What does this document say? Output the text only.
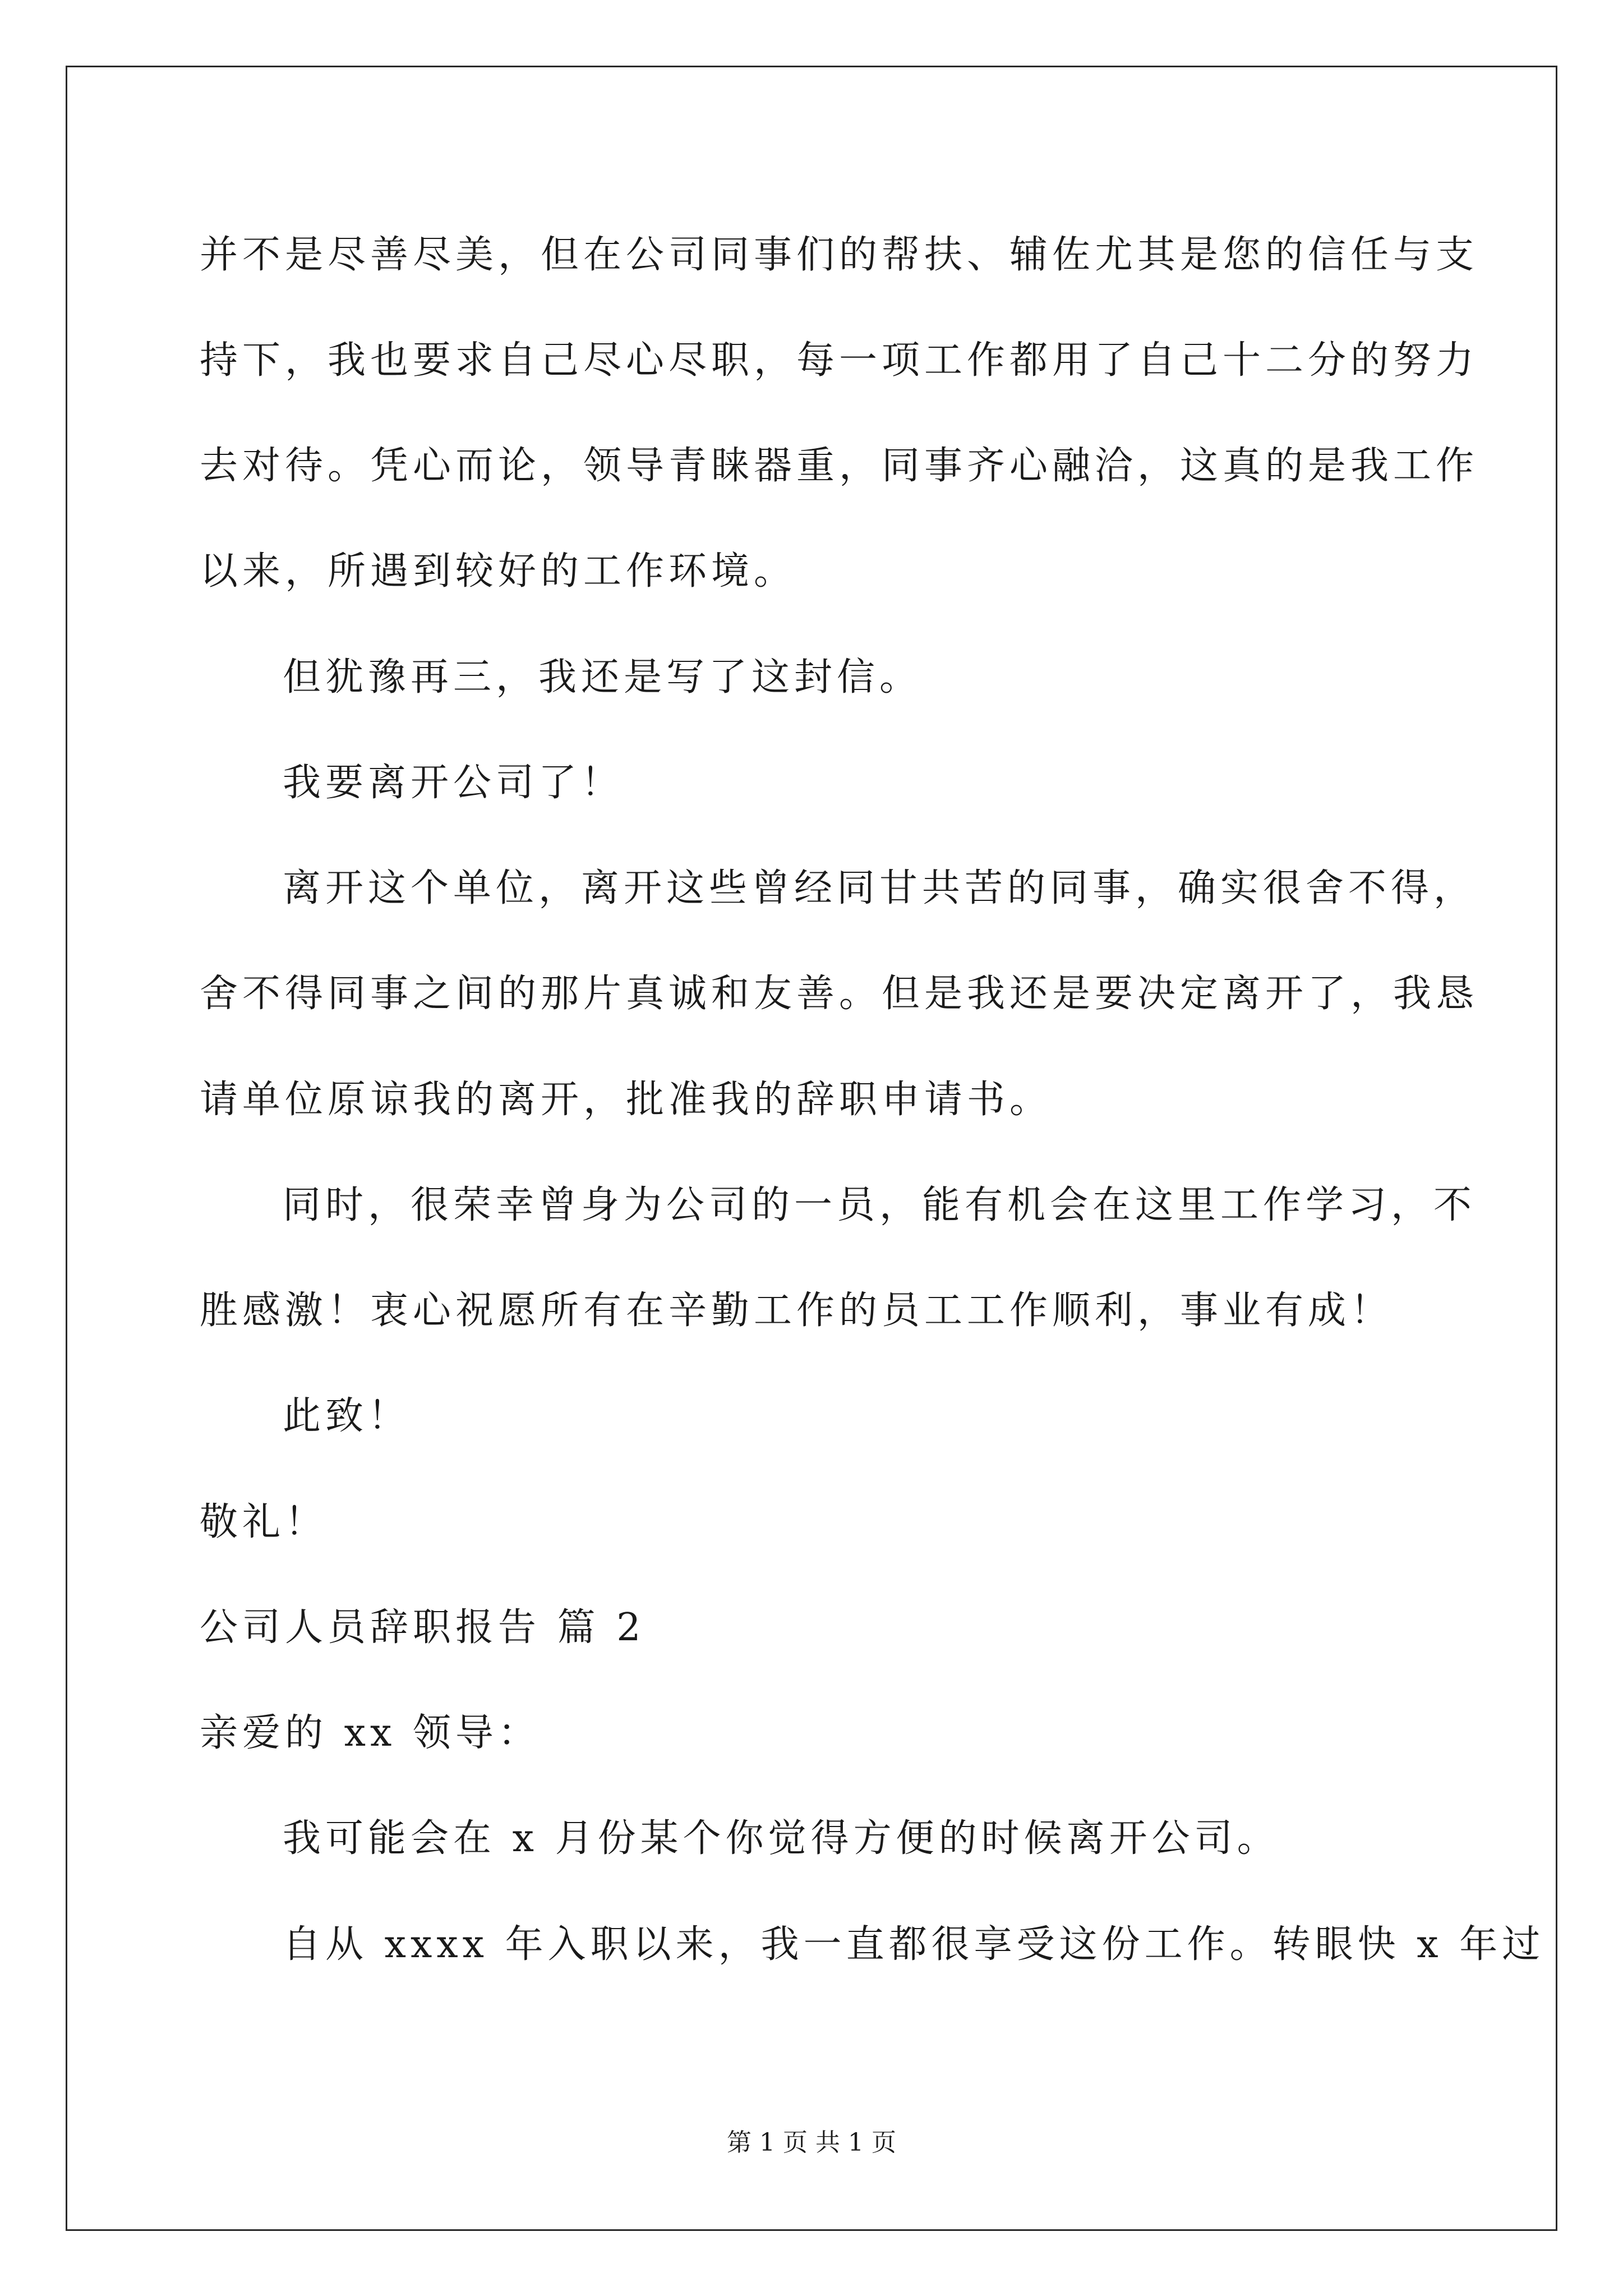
并不是尽善尽美，但在公司同事们的帮扶、辅佐尤其是您的信任与支
持下，我也要求自己尽心尽职，每一项工作都用了自己十二分的努力
去对待。凭心而论，领导青睐器重，同事齐心融洽，这真的是我工作
以来，所遇到较好的工作环境。
但犹豫再三，我还是写了这封信。
我要离开公司了！
离开这个单位，离开这些曾经同甘共苦的同事，确实很舍不得，
舍不得同事之间的那片真诚和友善。但是我还是要决定离开了，我恳
请单位原谅我的离开，批准我的辞职申请书。
同时，很荣幸曾身为公司的一员，能有机会在这里工作学习，不
胜感激！衷心祝愿所有在辛勤工作的员工工作顺利，事业有成！
此致！
敬礼！
公司人员辞职报告 篇 2
亲爱的 xx 领导：
我可能会在 x 月份某个你觉得方便的时候离开公司。
自从 xxxx 年入职以来，我一直都很享受这份工作。转眼快 x 年过
第 1 页 共 1 页
